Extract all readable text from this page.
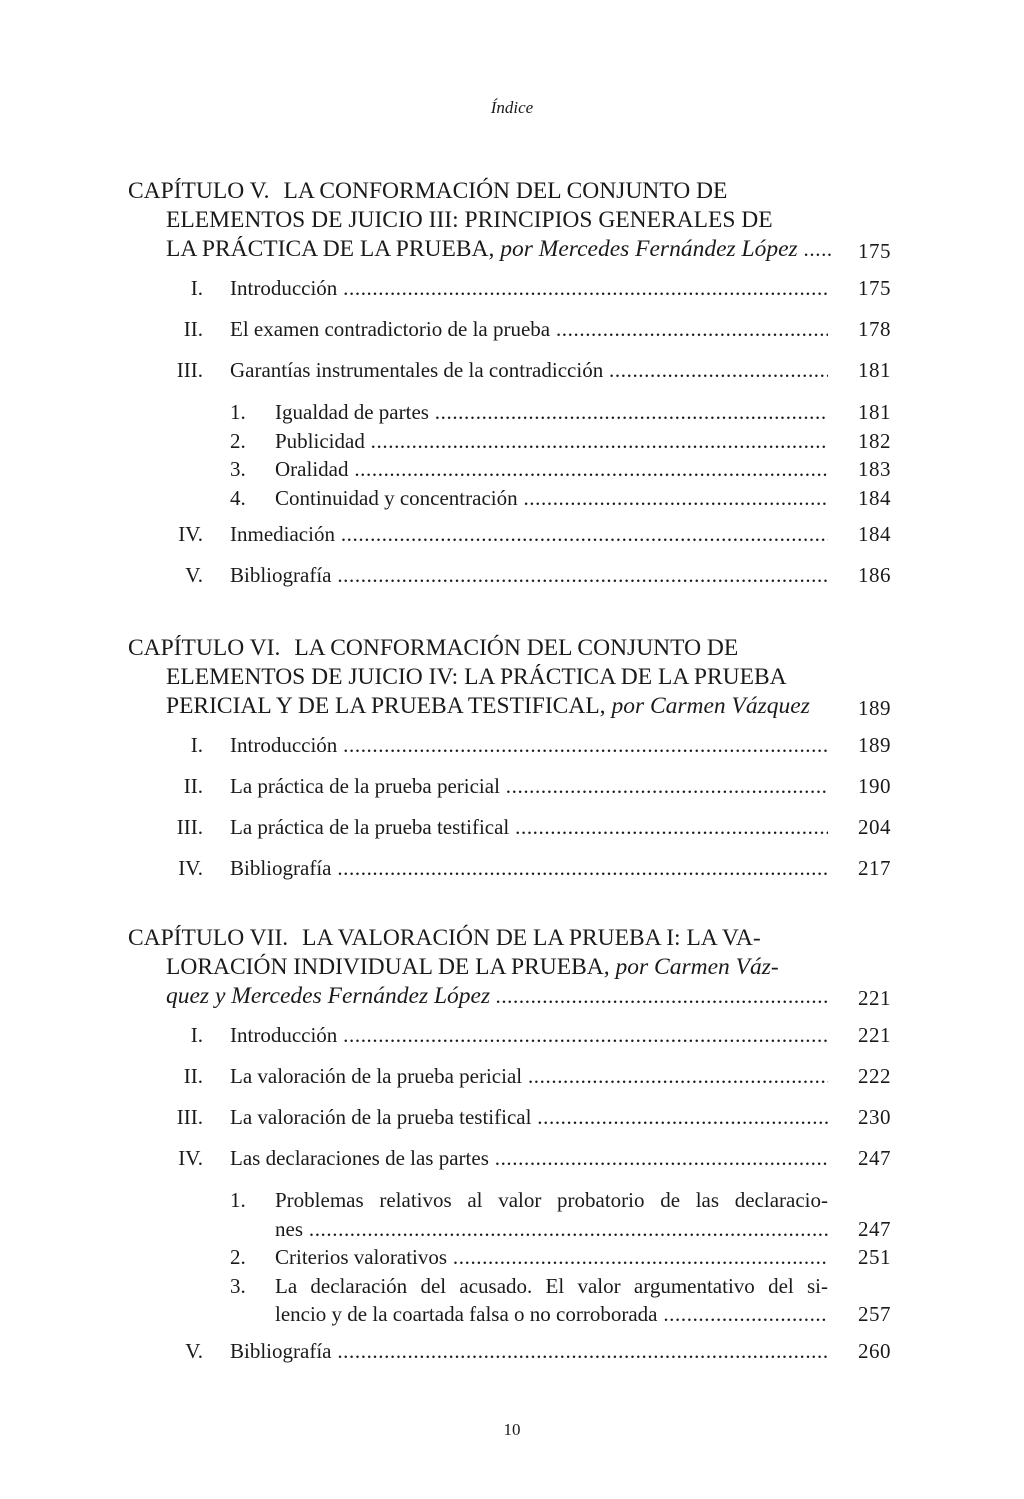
Índice
CAPÍTULO V. LA CONFORMACIÓN DEL CONJUNTO DE
ELEMENTOS DE JUICIO III: PRINCIPIOS GENERALES DE
LA PRÁCTICA DE LA PRUEBA, por Mercedes Fernández López ..... 175
I. Introducción .....	175
II. El examen contradictorio de la prueba .....	178
III. Garantías instrumentales de la contradicción .....	181
1. Igualdad de partes .....	181
2. Publicidad .....	182
3. Oralidad .....	183
4. Continuidad y concentración .....	184
IV. Inmediación .....	184
V. Bibliografía .....	186
CAPÍTULO VI. LA CONFORMACIÓN DEL CONJUNTO DE
ELEMENTOS DE JUICIO IV: LA PRÁCTICA DE LA PRUEBA
PERICIAL Y DE LA PRUEBA TESTIFICAL, por Carmen Vázquez	189
I. Introducción .....	189
II. La práctica de la prueba pericial .....	190
III. La práctica de la prueba testifical .....	204
IV. Bibliografía .....	217
CAPÍTULO VII. LA VALORACIÓN DE LA PRUEBA I: LA VA-
LORACIÓN INDIVIDUAL DE LA PRUEBA, por Carmen Váz-
quez y Mercedes Fernández López .....	221
I. Introducción .....	221
II. La valoración de la prueba pericial .....	222
III. La valoración de la prueba testifical .....	230
IV. Las declaraciones de las partes .....	247
1. Problemas relativos al valor probatorio de las declaracio-
nes .....	247
2. Criterios valorativos .....	251
3. La declaración del acusado. El valor argumentativo del si-
lencio y de la coartada falsa o no corroborada .....	257
V. Bibliografía .....	260
10
